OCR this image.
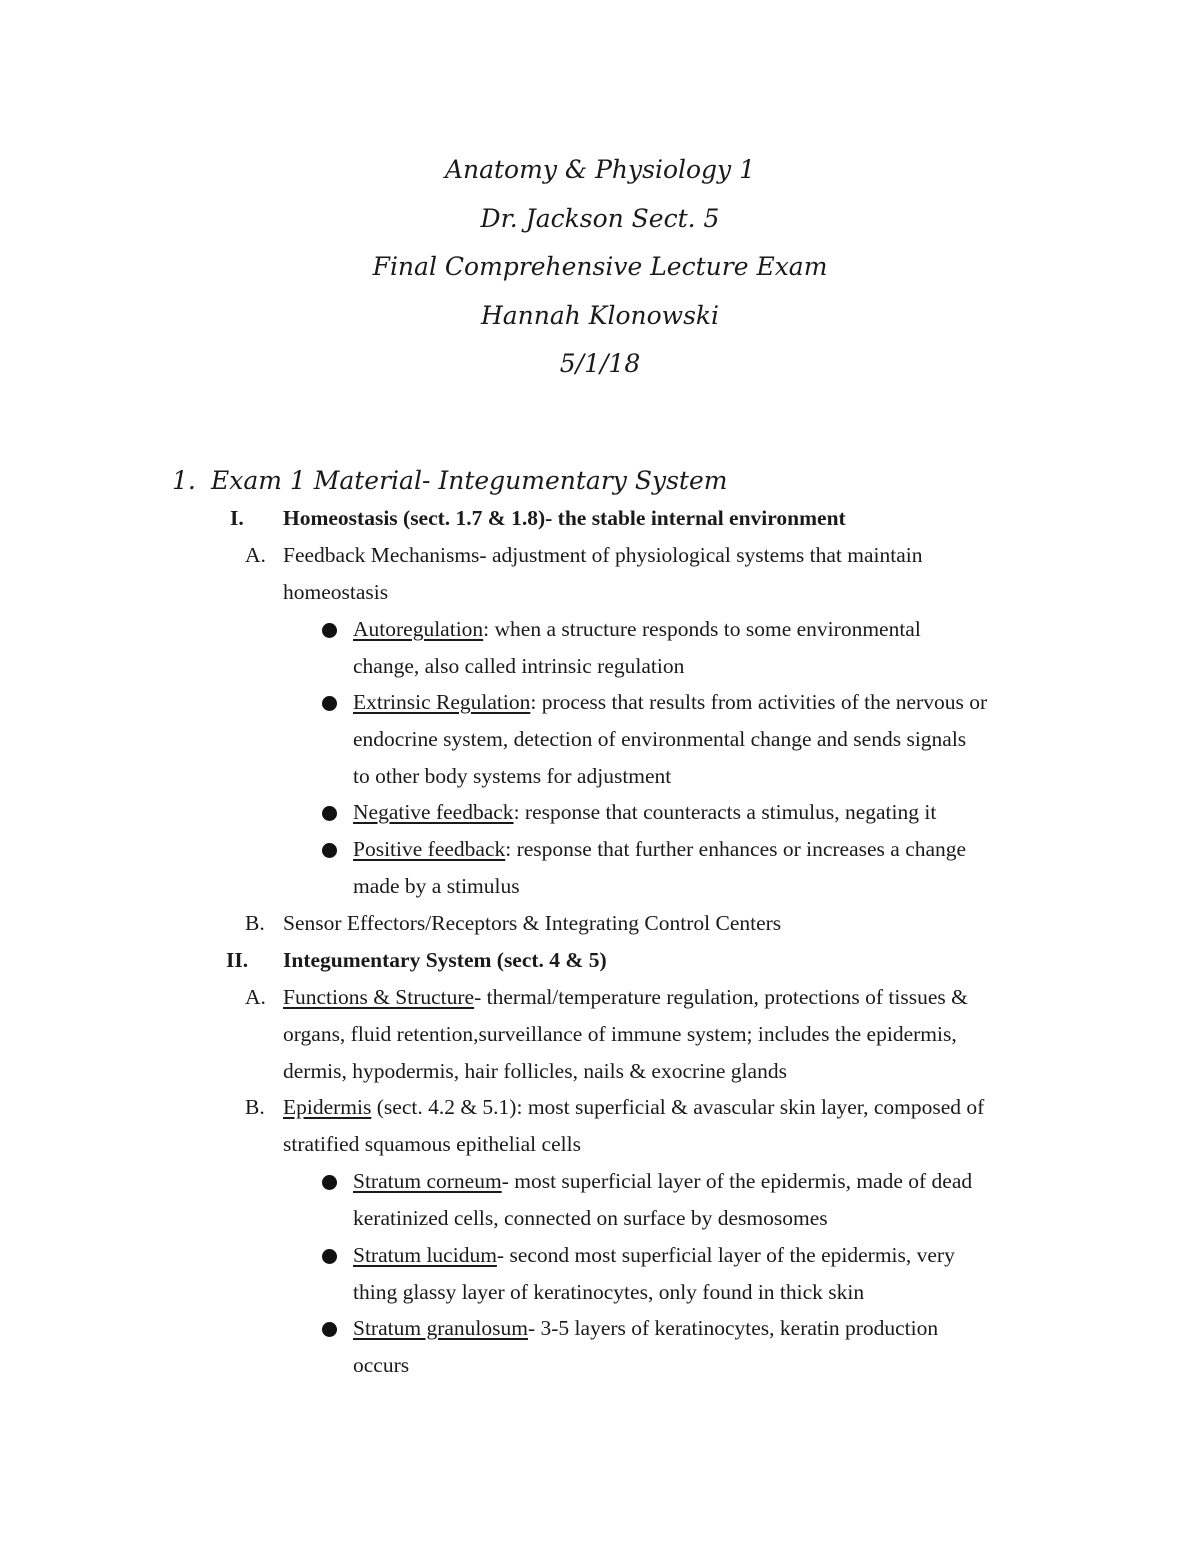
Anatomy & Physiology 1
Dr. Jackson Sect. 5
Final Comprehensive Lecture Exam
Hannah Klonowski
5/1/18
1. Exam 1 Material- Integumentary System
I. Homeostasis (sect. 1.7 & 1.8)- the stable internal environment
A. Feedback Mechanisms- adjustment of physiological systems that maintain
homeostasis
Autoregulation: when a structure responds to some environmental
change, also called intrinsic regulation
Extrinsic Regulation: process that results from activities of the nervous or
endocrine system, detection of environmental change and sends signals
to other body systems for adjustment
Negative feedback: response that counteracts a stimulus, negating it
Positive feedback: response that further enhances or increases a change
made by a stimulus
B. Sensor Effectors/Receptors & Integrating Control Centers
II. Integumentary System (sect. 4 & 5)
A. Functions & Structure- thermal/temperature regulation, protections of tissues &
organs, fluid retention,surveillance of immune system; includes the epidermis,
dermis, hypodermis, hair follicles, nails & exocrine glands
B. Epidermis (sect. 4.2 & 5.1): most superficial & avascular skin layer, composed of
stratified squamous epithelial cells
Stratum corneum- most superficial layer of the epidermis, made of dead
keratinized cells, connected on surface by desmosomes
Stratum lucidum- second most superficial layer of the epidermis, very
thing glassy layer of keratinocytes, only found in thick skin
Stratum granulosum- 3-5 layers of keratinocytes, keratin production
occurs
